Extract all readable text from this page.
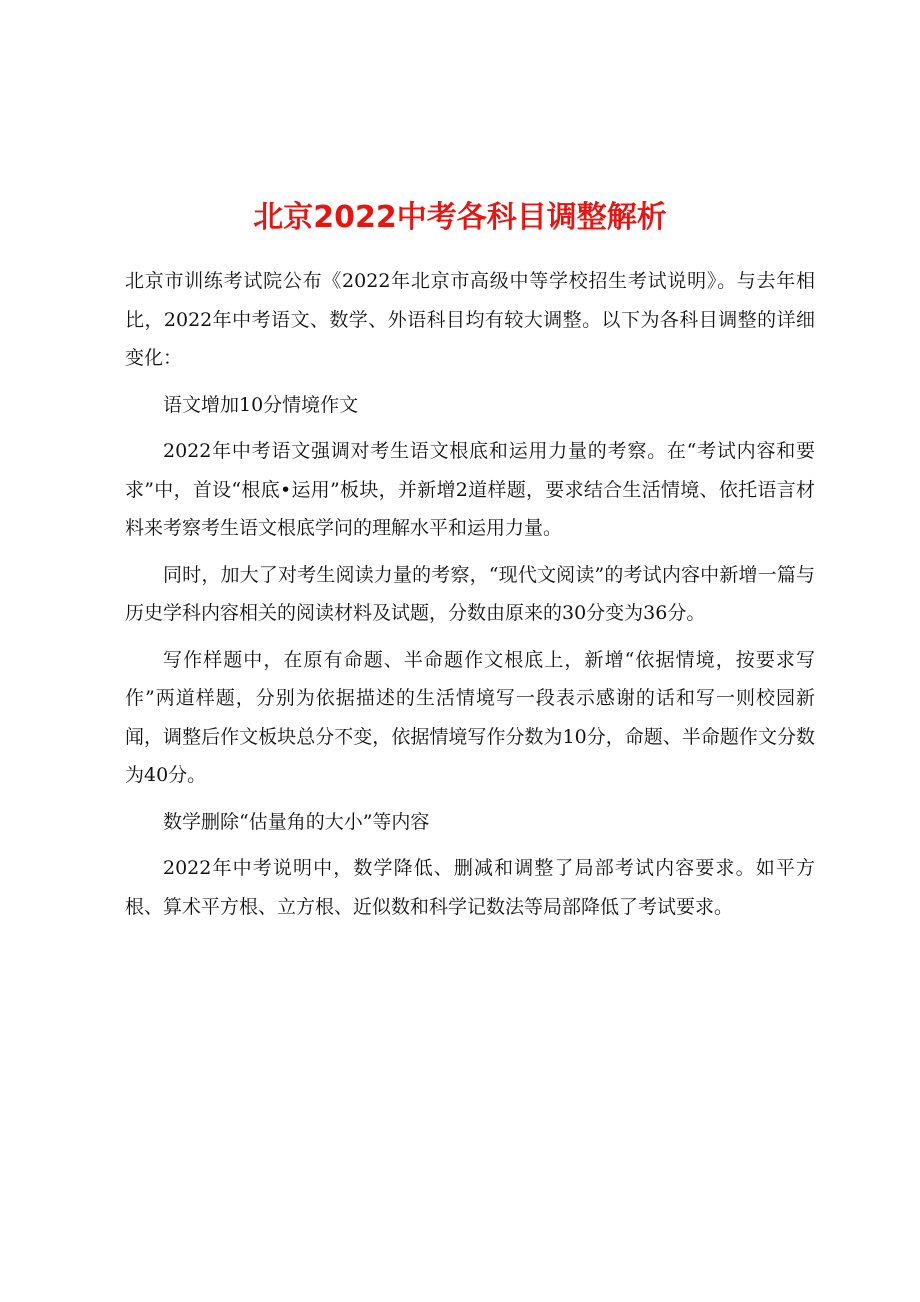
北京2022中考各科目调整解析

北京市训练考试院公布《2022年北京市高级中等学校招生考试说明》。与去年相比，2022年中考语文、数学、外语科目均有较大调整。以下为各科目调整的详细变化：

语文增加10分情境作文

2022年中考语文强调对考生语文根底和运用力量的考察。在“考试内容和要求”中，首设“根底•运用”板块，并新增2道样题，要求结合生活情境、依托语言材料来考察考生语文根底学问的理解水平和运用力量。

同时，加大了对考生阅读力量的考察，“现代文阅读”的考试内容中新增一篇与历史学科内容相关的阅读材料及试题，分数由原来的30分变为36分。

写作样题中，在原有命题、半命题作文根底上，新增“依据情境，按要求写作”两道样题，分别为依据描述的生活情境写一段表示感谢的话和写一则校园新闻，调整后作文板块总分不变，依据情境写作分数为10分，命题、半命题作文分数为40分。

数学删除“估量角的大小”等内容

2022年中考说明中，数学降低、删减和调整了局部考试内容要求。如平方根、算术平方根、立方根、近似数和科学记数法等局部降低了考试要求。
